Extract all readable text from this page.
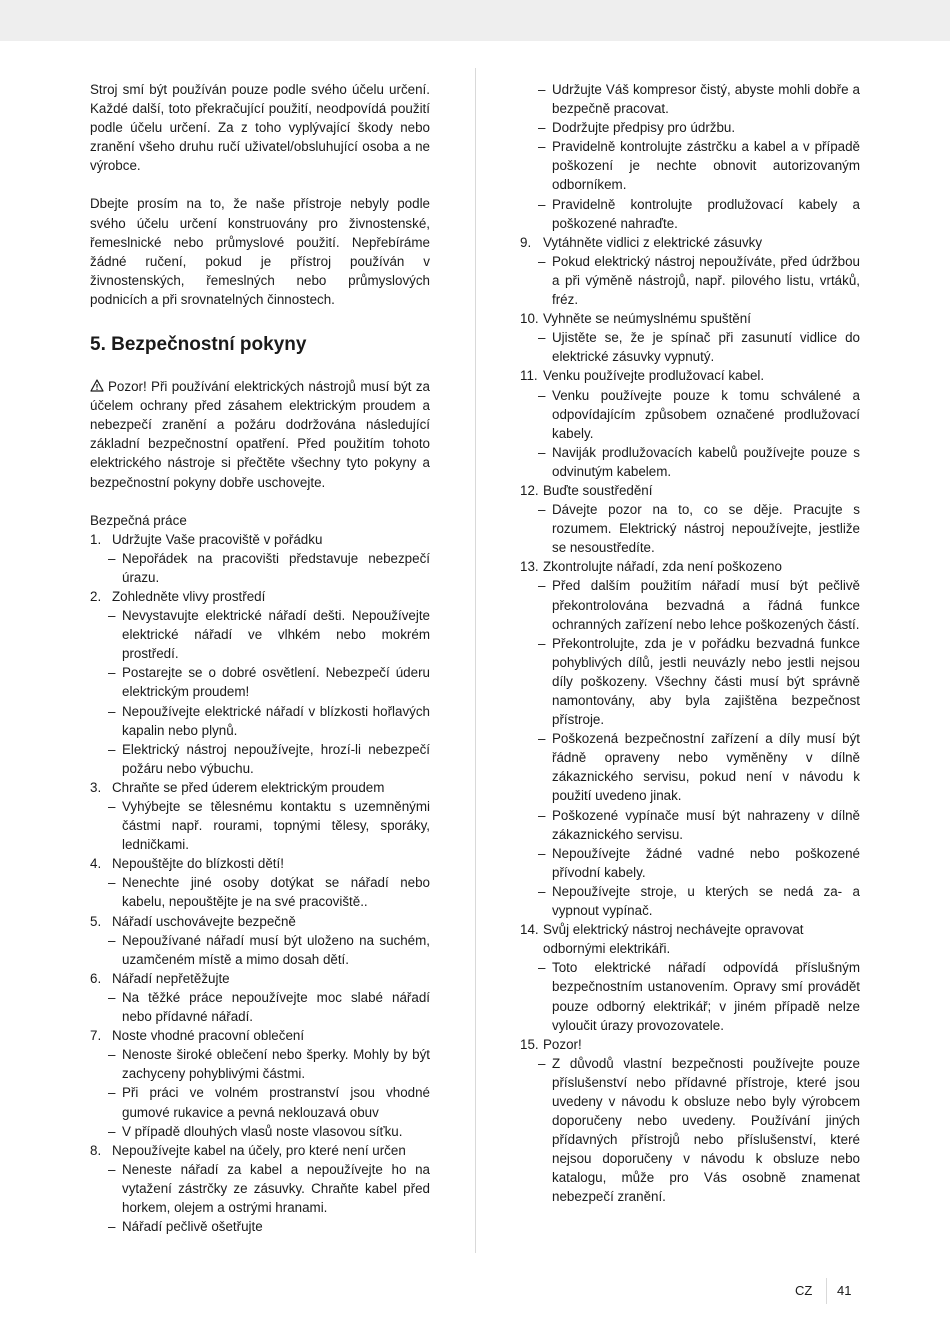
Stroj smí být používán pouze podle svého účelu určení. Každé další, toto překračující použití, neodpovídá použití podle účelu určení. Za z toho vyplývající škody nebo zranění všeho druhu ručí uživatel/obsluhující osoba a ne výrobce.

Dbejte prosím na to, že naše přístroje nebyly podle svého účelu určení konstruovány pro živnostenské, řemeslnické nebo průmyslové použití. Nepřebíráme žádné ručení, pokud je přístroj používán v živnostenských, řemeslných nebo průmyslových podnicích a při srovnatelných činnostech.

5. Bezpečnostní pokyny

Pozor! Při používání elektrických nástrojů musí být za účelem ochrany před zásahem elektrickým proudem a nebezpečí zranění a požáru dodržována následující základní bezpečnostní opatření. Před použitím tohoto elektrického nástroje si přečtěte všechny tyto pokyny a bezpečnostní pokyny dobře uschovejte.

Bezpečná práce

1. Udržujte Vaše pracoviště v pořádku
– Nepořádek na pracovišti představuje nebezpečí úrazu.
2. Zohledněte vlivy prostředí
– Nevystavujte elektrické nářadí dešti. Nepoužívejte elektrické nářadí ve vlhkém nebo mokrém prostředí.
– Postarejte se o dobré osvětlení. Nebezpečí úderu elektrickým proudem!
– Nepoužívejte elektrické nářadí v blízkosti hořlavých kapalin nebo plynů.
– Elektrický nástroj nepoužívejte, hrozí-li nebezpečí požáru nebo výbuchu.
3. Chraňte se před úderem elektrickým proudem
– Vyhýbejte se tělesnému kontaktu s uzemněnými částmi např. rourami, topnými tělesy, sporáky, ledničkami.
4. Nepouštějte do blízkosti dětí!
– Nenechte jiné osoby dotýkat se nářadí nebo kabelu, nepouštějte je na své pracoviště..
5. Nářadí uschovávejte bezpečně
– Nepoužívané nářadí musí být uloženo na suchém, uzamčeném místě a mimo dosah dětí.
6. Nářadí nepřetěžujte
– Na těžké práce nepoužívejte moc slabé nářadí nebo přídavné nářadí.
7. Noste vhodné pracovní oblečení
– Nenoste široké oblečení nebo šperky. Mohly by být zachyceny pohyblivými částmi.
– Při práci ve volném prostranství jsou vhodné gumové rukavice a pevná neklouzavá obuv
– V případě dlouhých vlasů noste vlasovou síťku.
8. Nepoužívejte kabel na účely, pro které není určen
– Neneste nářadí za kabel a nepoužívejte ho na vytažení zástrčky ze zásuvky. Chraňte kabel před horkem, olejem a ostrými hranami.
– Nářadí pečlivě ošetřujte
– Udržujte Váš kompresor čistý, abyste mohli dobře a bezpečně pracovat.
– Dodržujte předpisy pro údržbu.
– Pravidelně kontrolujte zástrčku a kabel a v případě poškození je nechte obnovit autorizovaným odborníkem.
– Pravidelně kontrolujte prodlužovací kabely a poškozené nahraďte.
9. Vytáhněte vidlici z elektrické zásuvky
– Pokud elektrický nástroj nepoužíváte, před údržbou a při výměně nástrojů, např. pilového listu, vrtáků, fréz.
10. Vyhněte se neúmyslnému spuštění
– Ujistěte se, že je spínač při zasunutí vidlice do elektrické zásuvky vypnutý.
11. Venku používejte prodlužovací kabel.
– Venku používejte pouze k tomu schválené a odpovídajícím způsobem označené prodlužovací kabely.
– Naviják prodlužovacích kabelů používejte pouze s odvinutým kabelem.
12. Buďte soustředění
– Dávejte pozor na to, co se děje. Pracujte s rozumem. Elektrický nástroj nepoužívejte, jestliže se nesoustředíte.
13. Zkontrolujte nářadí, zda není poškozeno
– Před dalším použitím nářadí musí být pečlivě překontrolována bezvadná a řádná funkce ochranných zařízení nebo lehce poškozených částí.
– Překontrolujte, zda je v pořádku bezvadná funkce pohyblivých dílů, jestli neuvázly nebo jestli nejsou díly poškozeny. Všechny části musí být správně namontovány, aby byla zajištěna bezpečnost přístroje.
– Poškozená bezpečnostní zařízení a díly musí být řádně opraveny nebo vyměněny v dílně zákaznického servisu, pokud není v návodu k použití uvedeno jinak.
– Poškozené vypínače musí být nahrazeny v dílně zákaznického servisu.
– Nepoužívejte žádné vadné nebo poškozené přívodní kabely.
– Nepoužívejte stroje, u kterých se nedá za- a vypnout vypínač.
14. Svůj elektrický nástroj nechávejte opravovat odbornými elektrikáři.
– Toto elektrické nářadí odpovídá příslušným bezpečnostním ustanovením. Opravy smí provádět pouze odborný elektrikář; v jiném případě nelze vyloučit úrazy provozovatele.
15. Pozor!
– Z důvodů vlastní bezpečnosti používejte pouze příslušenství nebo přídavné přístroje, které jsou uvedeny v návodu k obsluze nebo byly výrobcem doporučeny nebo uvedeny. Používání jiných přídavných přístrojů nebo příslušenství, které nejsou doporučeny v návodu k obsluze nebo katalogu, může pro Vás osobně znamenat nebezpečí zranění.
CZ 41
